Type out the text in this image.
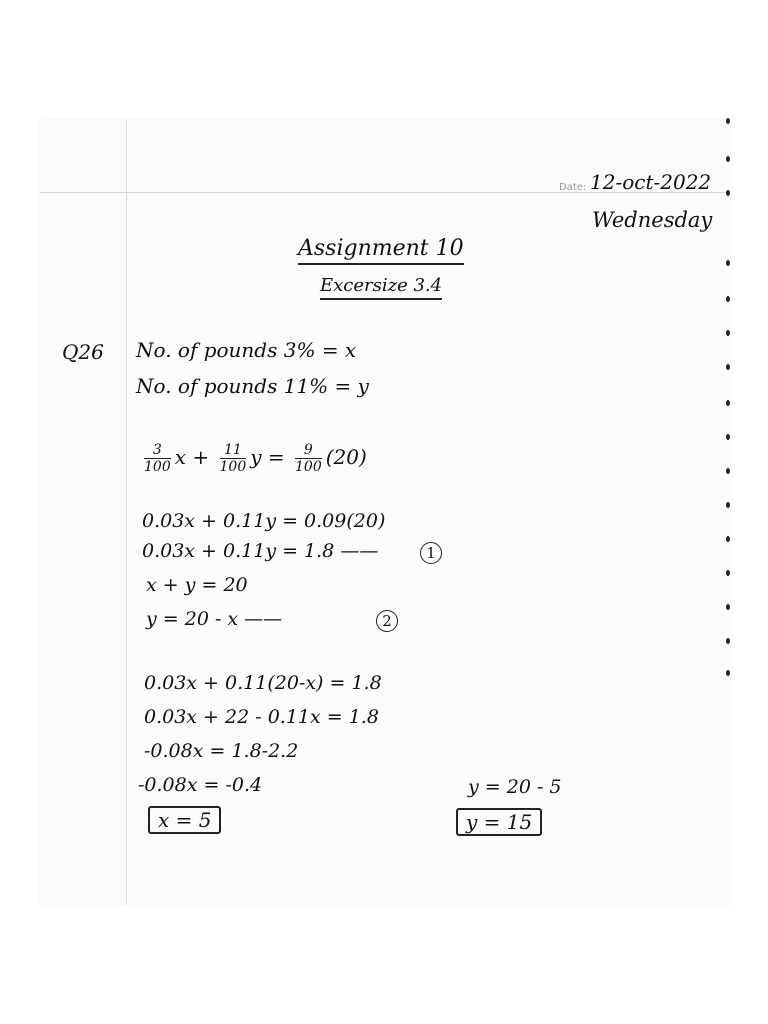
Date: 12-oct-2022
Wednesday
Assignment 10
Excersize 3.4
Q26 No. of pounds 3% = x
No. of pounds 11% = y
$\frac{3}{100}$ $x + \frac{11}{100}$ $y = \frac{9}{100} (20)$
0.03x + 0.11y = 0.09(20)
0.03x + 0.11y = 1.8 ——	1
x + y = 20
y = 20 - x ——	2
0.03x + 0.11(20-x) = 1.8
0.03x + 22 - 0.11x = 1.8
-0.08x = 1.8-2.2
-0.08x = -0.4
x = 5
y = 20 - 5
y = 15
